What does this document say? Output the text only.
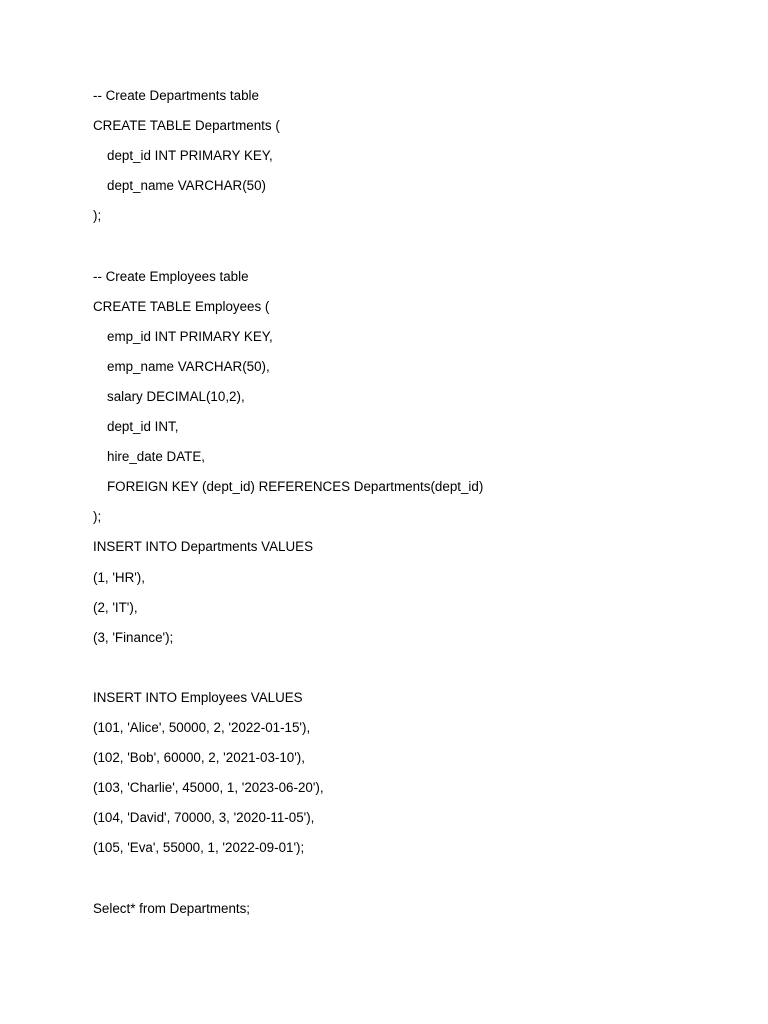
-- Create Departments table
CREATE TABLE Departments (
dept_id INT PRIMARY KEY,
dept_name VARCHAR(50)
);
-- Create Employees table
CREATE TABLE Employees (
emp_id INT PRIMARY KEY,
emp_name VARCHAR(50),
salary DECIMAL(10,2),
dept_id INT,
hire_date DATE,
FOREIGN KEY (dept_id) REFERENCES Departments(dept_id)
);
INSERT INTO Departments VALUES
(1, 'HR'),
(2, 'IT'),
(3, 'Finance');
INSERT INTO Employees VALUES
(101, 'Alice', 50000, 2, '2022-01-15'),
(102, 'Bob', 60000, 2, '2021-03-10'),
(103, 'Charlie', 45000, 1, '2023-06-20'),
(104, 'David', 70000, 3, '2020-11-05'),
(105, 'Eva', 55000, 1, '2022-09-01');
Select* from Departments;
